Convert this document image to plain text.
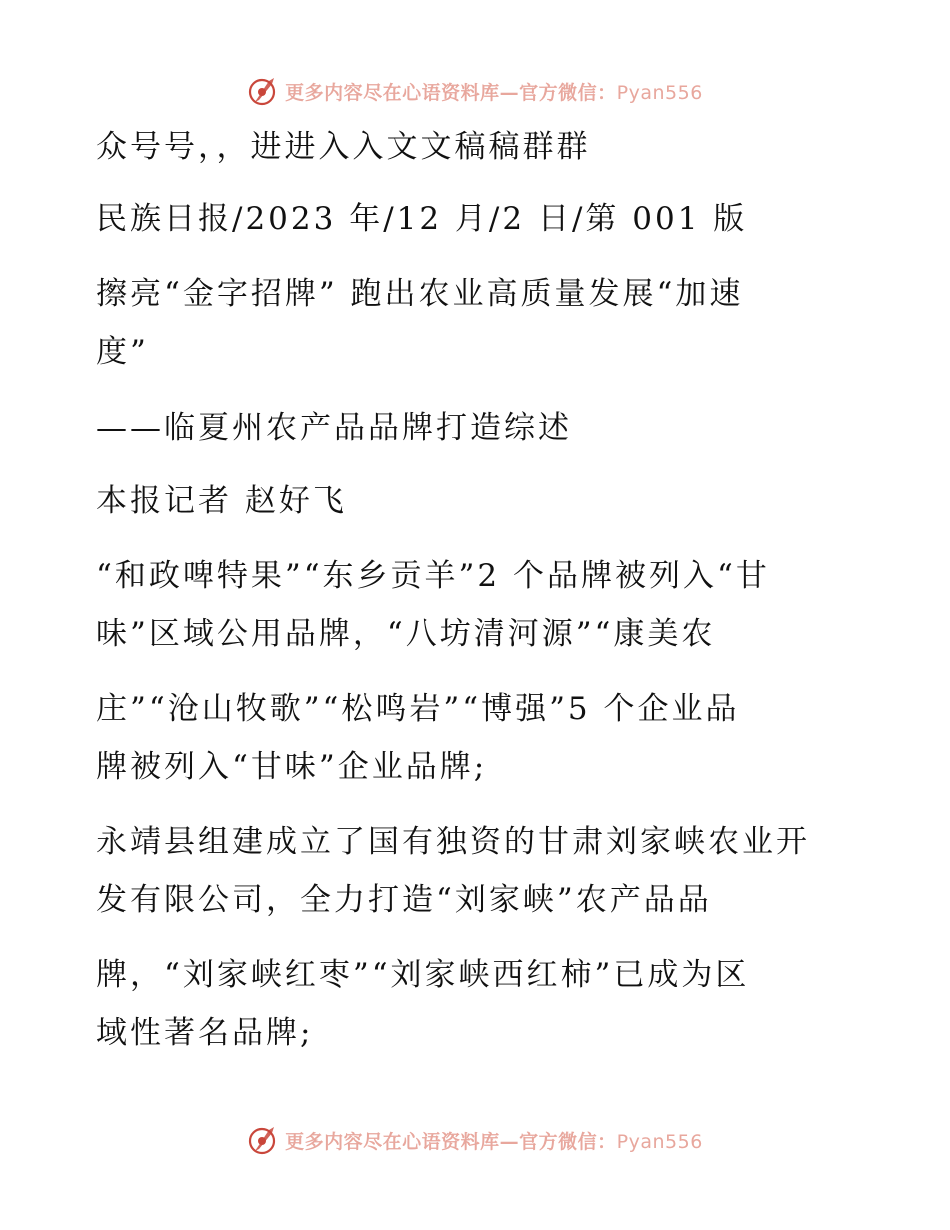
更多内容尽在心语资料库—官方微信：Pyan556
众号号，，进进入入文文稿稿群群
民族日报/2023 年/12 月/2 日/第 001 版
擦亮“金字招牌” 跑出农业高质量发展“加速
度”
——临夏州农产品品牌打造综述
本报记者 赵好飞
“和政啤特果”“东乡贡羊”2 个品牌被列入“甘
味”区域公用品牌，“八坊清河源”“康美农
庄”“沧山牧歌”“松鸣岩”“博强”5 个企业品
牌被列入“甘味”企业品牌;
永靖县组建成立了国有独资的甘肃刘家峡农业开
发有限公司，全力打造“刘家峡”农产品品
牌，“刘家峡红枣”“刘家峡西红柿”已成为区
域性著名品牌;
更多内容尽在心语资料库—官方微信：Pyan556
